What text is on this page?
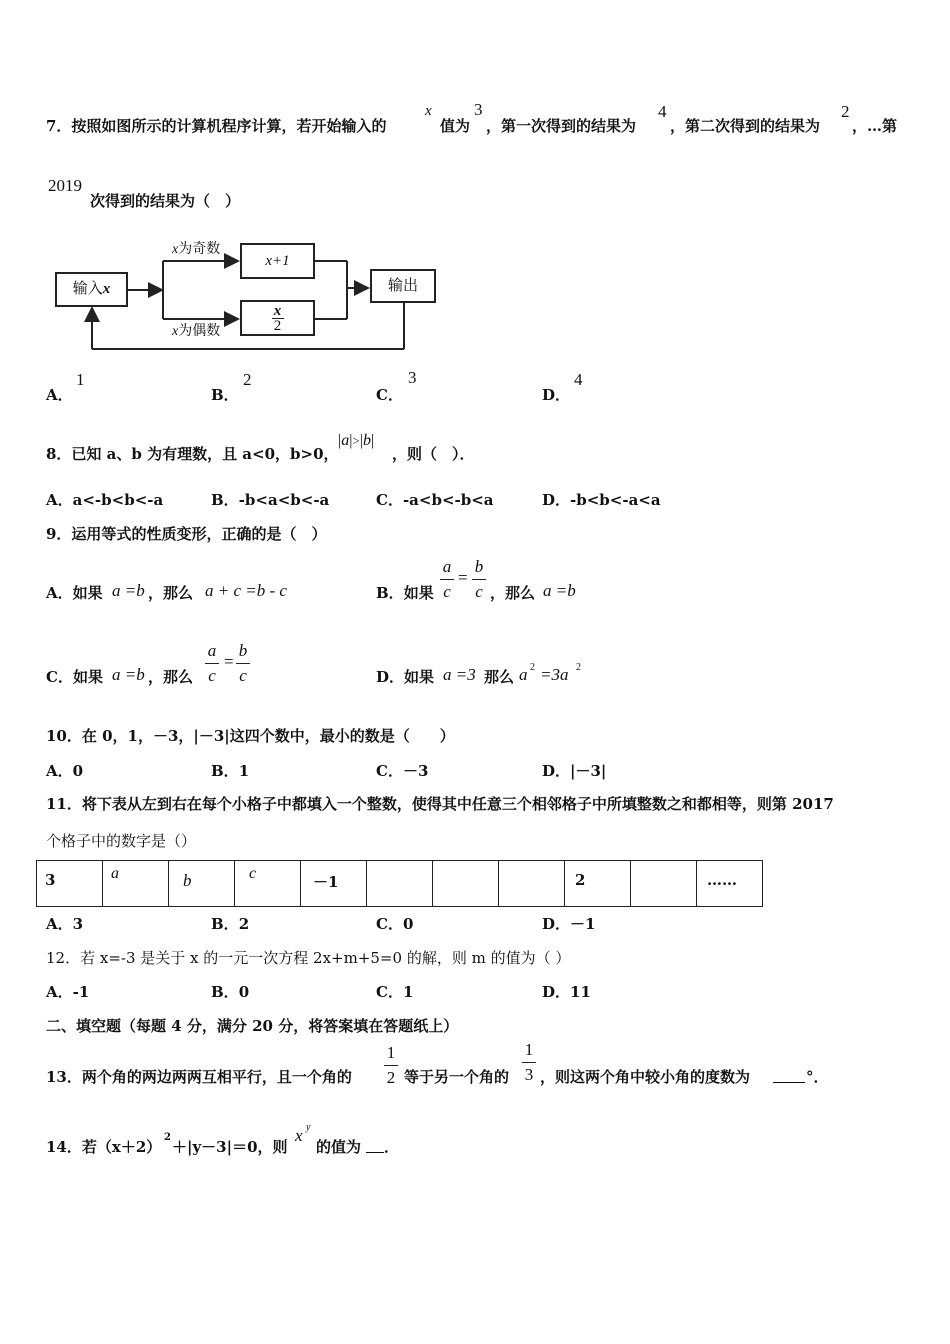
7．按照如图所示的计算机程序计算，若开始输入的
x
值为
3
，第一次得到的结果为
4
，第二次得到的结果为
2
，…第
2019
次得到的结果为（　）
输入x
x为奇数
x为偶数
x+1
$\frac{x}{2}$
输出
A．
1
B．
2
C．
3
D．
4
8．已知 a、b 为有理数，且 a<0，b>0，
|a|>|b|
，则（　）．
A．a<-b<b<-a	B．-b<a<b<-a	C．-a<b<-b<a	D．-b<b<-a<a
9．运用等式的性质变形，正确的是（　）
A．如果 a =b ，那么 a + c =b - c	B．如果
a
c
=
b
c ，那么 a =b
C．如果 a =b ，那么
a
c
=
b
c	D．如果 a =3 那么 a 2 =3a 2
10．在 0，1，－3，|－3|这四个数中，最小的数是（　　）
A．0	B．1	C．－3	D．|－3|
11．将下表从左到右在每个小格子中都填入一个整数，使得其中任意三个相邻格子中所填整数之和都相等，则第 2017
个格子中的数字是（）
3	a	b	c	－1				2		……
A．3	B．2	C．0	D．－1
12．若 x=-3 是关于 x 的一元一次方程 2x+m+5=0 的解，则 m 的值为（ ）
A．-1	B．0	C．1	D．11
二、填空题（每题 4 分，满分 20 分，将答案填在答题纸上）
13．两个角的两边两两互相平行，且一个角的
1
2 等于另一个角的
1
3 ，则这两个角中较小角的度数为	°．
14．若（x＋2）
2
＋|y－3|＝0，则
x y
的值为 ．
